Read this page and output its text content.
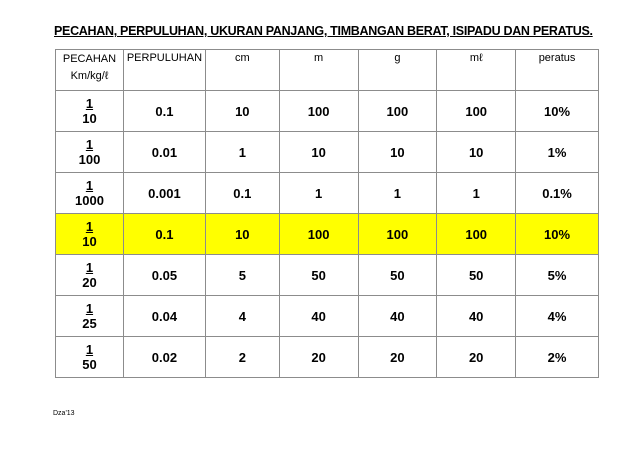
PECAHAN, PERPULUHAN, UKURAN PANJANG, TIMBANGAN BERAT, ISIPADU DAN PERATUS.
PECAHAN
Km/kg/ℓ	PERPULUHAN	cm	m	g	mℓ	peratus

$\frac{1}{10}$	0.1	10	100	100	100	10%

$\frac{1}{100}$	0.01	1	10	10	10	1%

$\frac{1}{1000}$	0.001	0.1	1	1	1	0.1%

$\frac{1}{10}$	0.1	10	100	100	100	10%

$\frac{1}{20}$	0.05	5	50	50	50	5%

$\frac{1}{25}$	0.04	4	40	40	40	4%

$\frac{1}{50}$	0.02	2	20	20	20	2%
Dza'13
